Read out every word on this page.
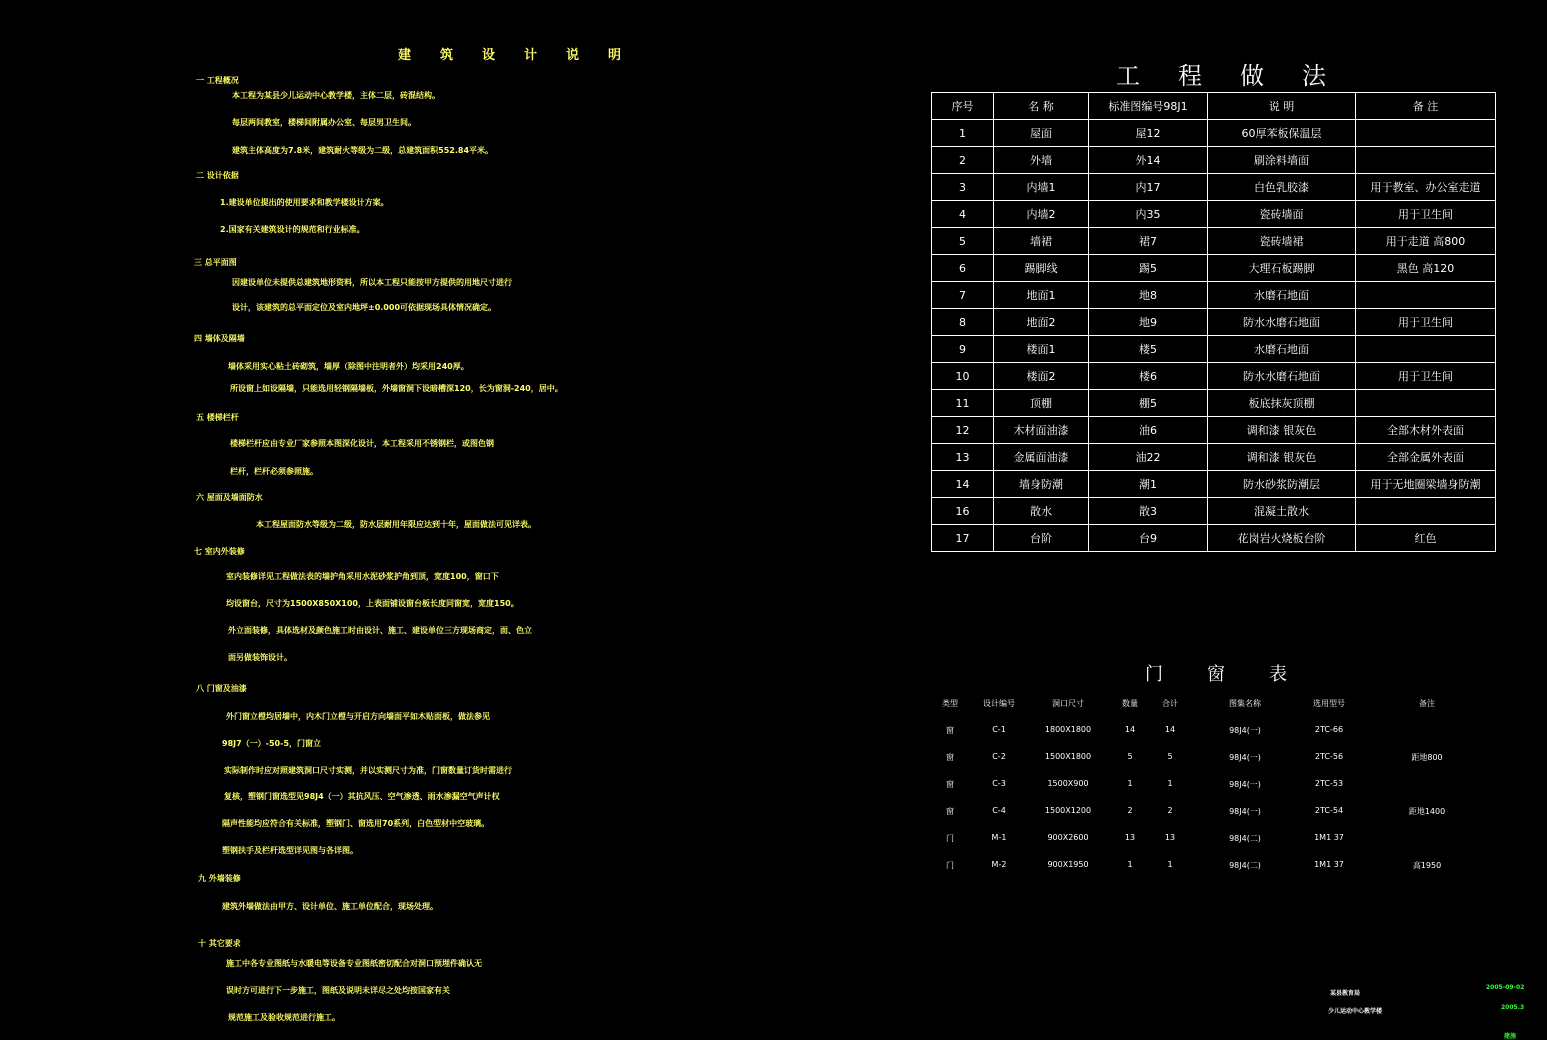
建筑设计说明
一 工程概况
本工程为某县少儿运动中心教学楼，主体二层，砖混结构。
每层两间教室，楼梯间附属办公室、每层男卫生间。
建筑主体高度为7.8米，建筑耐火等级为二级，总建筑面积552.84平米。
二 设计依据
1.建设单位提出的使用要求和教学楼设计方案。
2.国家有关建筑设计的规范和行业标准。
三 总平面图
因建设单位未提供总建筑地形资料，所以本工程只能按甲方提供的用地尺寸进行
设计，该建筑的总平面定位及室内地坪±0.000可依据现场具体情况确定。
四 墙体及隔墙
墙体采用实心粘土砖砌筑，墙厚（除图中注明者外）均采用240厚。
所设窗上如设隔墙，只能选用轻钢隔墙板，外墙窗洞下设暗槽深120，长为窗洞-240，居中。
五 楼梯栏杆
楼梯栏杆应由专业厂家参照本图深化设计，本工程采用不锈钢栏，或图色钢
栏杆，栏杆必须参照施。
六 屋面及墙面防水
本工程屋面防水等级为二级，防水层耐用年限应达到十年，屋面做法可见详表。
七 室内外装修
室内装修详见工程做法表的墙护角采用水泥砂浆护角到顶，宽度100，窗口下
均设窗台，尺寸为1500X850X100，上表面铺设窗台板长度同窗宽，宽度150。
外立面装修，具体选材及颜色施工时由设计、施工、建设单位三方现场商定，面、色立
面另做装饰设计。
八 门窗及油漆
外门窗立樘均居墙中，内木门立樘与开启方向墙面平如木贴面板，做法参见
98J7（一）-50-5，门窗立
实际制作时应对照建筑洞口尺寸实测，并以实测尺寸为准，门窗数量订货时需进行
复核，塑钢门窗选型见98J4（一）其抗风压、空气渗透、雨水渗漏空气声计权
隔声性能均应符合有关标准，塑钢门、窗选用70系列，白色型材中空玻璃。
塑钢扶手及栏杆选型详见图与各详图。
九 外墙装修
建筑外墙做法由甲方、设计单位、施工单位配合，现场处理。
十 其它要求
施工中各专业图纸与水暖电等设备专业图纸密切配合对洞口预埋件确认无
误时方可进行下一步施工，图纸及说明未详尽之处均按国家有关
规范施工及验收规范进行施工。
工程做法
序号	名 称	标准图编号98J1	说 明	备 注
1	屋面	屋12	60厚苯板保温层	
2	外墙	外14	刷涂料墙面	
3	内墙1	内17	白色乳胶漆	用于教室、办公室走道
4	内墙2	内35	瓷砖墙面	用于卫生间
5	墙裙	裙7	瓷砖墙裙	用于走道 高800
6	踢脚线	踢5	大理石板踢脚	黑色 高120
7	地面1	地8	水磨石地面	
8	地面2	地9	防水水磨石地面	用于卫生间
9	楼面1	楼5	水磨石地面	
10	楼面2	楼6	防水水磨石地面	用于卫生间
11	顶棚	棚5	板底抹灰顶棚	
12	木材面油漆	油6	调和漆 银灰色	全部木材外表面
13	金属面油漆	油22	调和漆 银灰色	全部金属外表面
14	墙身防潮	潮1	防水砂浆防潮层	用于无地圈梁墙身防潮
16	散水	散3	混凝土散水	
17	台阶	台9	花岗岩火烧板台阶	红色
门窗表
类型	设计编号	洞口尺寸	数量	合计	图集名称	选用型号	备注
窗	C-1	1800X1800	14	14	98J4(一)	2TC-66
窗	C-2	1500X1800	5	5	98J4(一)	2TC-56	距地800
窗	C-3	1500X900	1	1	98J4(一)	2TC-53
窗	C-4	1500X1200	2	2	98J4(一)	2TC-54	距地1400
门	M-1	900X2600	13	13	98J4(二)	1M1 37
门	M-2	900X1950	1	1	98J4(二)	1M1 37	高1950
某县教育局
少儿运动中心教学楼
2005-09-02
2005.3
建施
